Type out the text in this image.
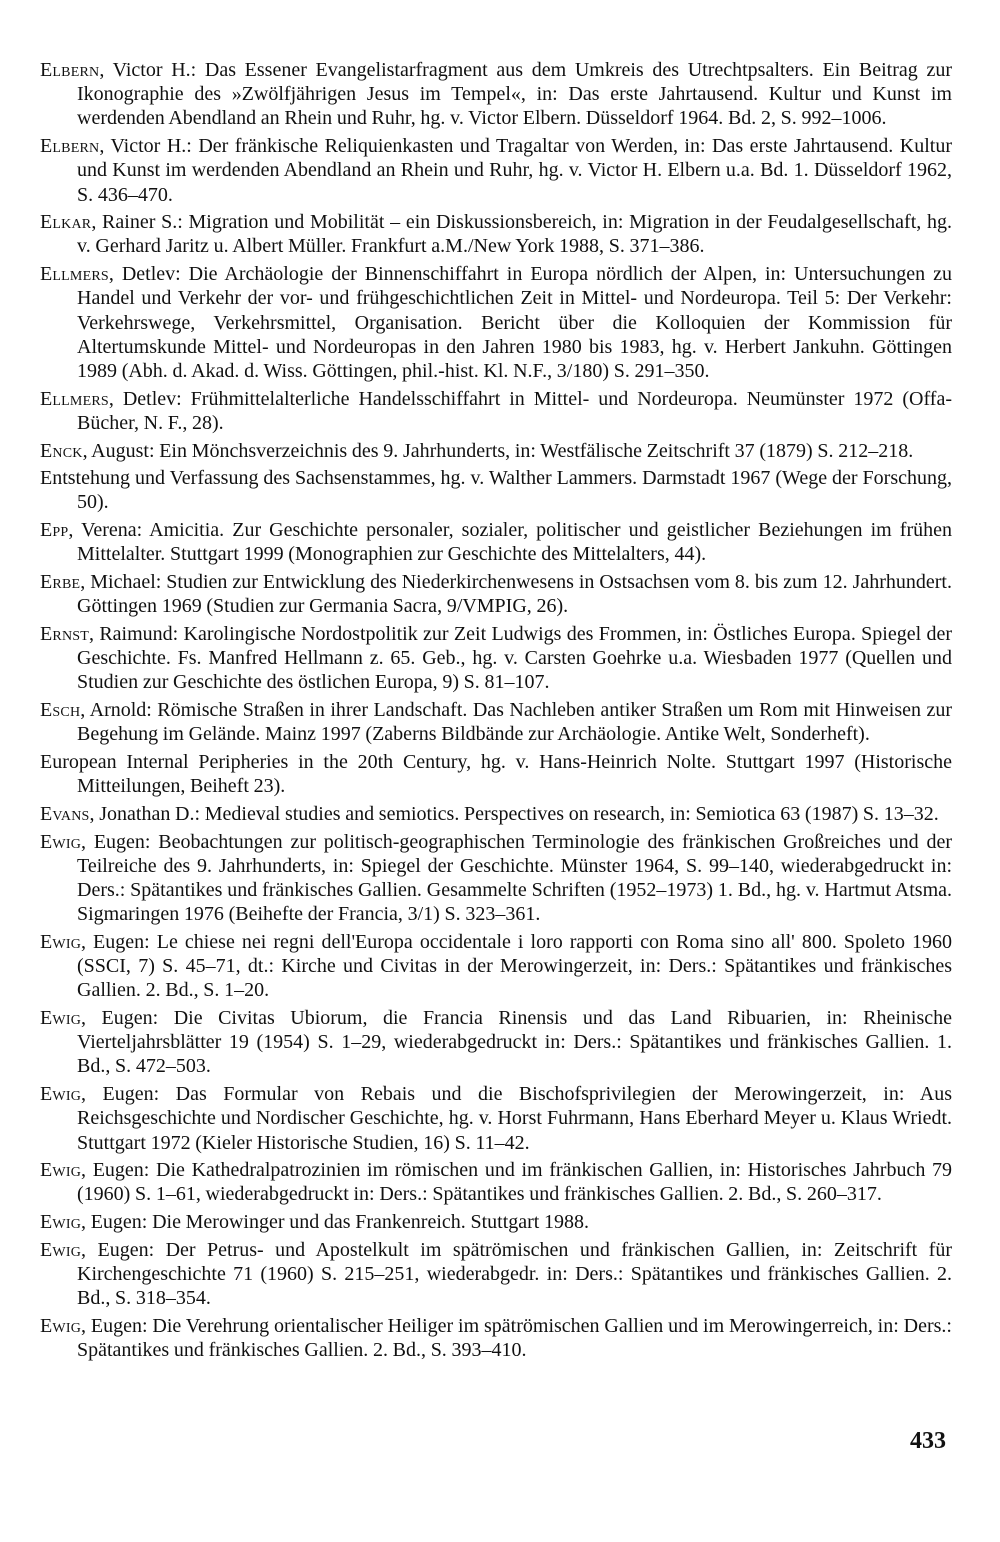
Elbern, Victor H.: Das Essener Evangelistarfragment aus dem Umkreis des Utrechtpsalters. Ein Beitrag zur Ikonographie des »Zwölfjährigen Jesus im Tempel«, in: Das erste Jahrtausend. Kultur und Kunst im werdenden Abendland an Rhein und Ruhr, hg. v. Victor Elbern. Düsseldorf 1964. Bd. 2, S. 992–1006.

Elbern, Victor H.: Der fränkische Reliquienkasten und Tragaltar von Werden, in: Das erste Jahrtausend. Kultur und Kunst im werdenden Abendland an Rhein und Ruhr, hg. v. Victor H. Elbern u.a. Bd. 1. Düsseldorf 1962, S. 436–470.

Elkar, Rainer S.: Migration und Mobilität – ein Diskussionsbereich, in: Migration in der Feudalgesellschaft, hg. v. Gerhard Jaritz u. Albert Müller. Frankfurt a.M./New York 1988, S. 371–386.

Ellmers, Detlev: Die Archäologie der Binnenschiffahrt in Europa nördlich der Alpen, in: Untersuchungen zu Handel und Verkehr der vor- und frühgeschichtlichen Zeit in Mittel- und Nordeuropa. Teil 5: Der Verkehr: Verkehrswege, Verkehrsmittel, Organisation. Bericht über die Kolloquien der Kommission für Altertumskunde Mittel- und Nordeuropas in den Jahren 1980 bis 1983, hg. v. Herbert Jankuhn. Göttingen 1989 (Abh. d. Akad. d. Wiss. Göttingen, phil.-hist. Kl. N.F., 3/180) S. 291–350.

Ellmers, Detlev: Frühmittelalterliche Handelsschiffahrt in Mittel- und Nordeuropa. Neumünster 1972 (Offa-Bücher, N. F., 28).

Enck, August: Ein Mönchsverzeichnis des 9. Jahrhunderts, in: Westfälische Zeitschrift 37 (1879) S. 212–218.

Entstehung und Verfassung des Sachsenstammes, hg. v. Walther Lammers. Darmstadt 1967 (Wege der Forschung, 50).

Epp, Verena: Amicitia. Zur Geschichte personaler, sozialer, politischer und geistlicher Beziehungen im frühen Mittelalter. Stuttgart 1999 (Monographien zur Geschichte des Mittelalters, 44).

Erbe, Michael: Studien zur Entwicklung des Niederkirchenwesens in Ostsachsen vom 8. bis zum 12. Jahrhundert. Göttingen 1969 (Studien zur Germania Sacra, 9/VMPIG, 26).

Ernst, Raimund: Karolingische Nordostpolitik zur Zeit Ludwigs des Frommen, in: Östliches Europa. Spiegel der Geschichte. Fs. Manfred Hellmann z. 65. Geb., hg. v. Carsten Goehrke u.a. Wiesbaden 1977 (Quellen und Studien zur Geschichte des östlichen Europa, 9) S. 81–107.

Esch, Arnold: Römische Straßen in ihrer Landschaft. Das Nachleben antiker Straßen um Rom mit Hinweisen zur Begehung im Gelände. Mainz 1997 (Zaberns Bildbände zur Archäologie. Antike Welt, Sonderheft).

European Internal Peripheries in the 20th Century, hg. v. Hans-Heinrich Nolte. Stuttgart 1997 (Historische Mitteilungen, Beiheft 23).

Evans, Jonathan D.: Medieval studies and semiotics. Perspectives on research, in: Semiotica 63 (1987) S. 13–32.

Ewig, Eugen: Beobachtungen zur politisch-geographischen Terminologie des fränkischen Großreiches und der Teilreiche des 9. Jahrhunderts, in: Spiegel der Geschichte. Münster 1964, S. 99–140, wiederabgedruckt in: Ders.: Spätantikes und fränkisches Gallien. Gesammelte Schriften (1952–1973) 1. Bd., hg. v. Hartmut Atsma. Sigmaringen 1976 (Beihefte der Francia, 3/1) S. 323–361.

Ewig, Eugen: Le chiese nei regni dell'Europa occidentale i loro rapporti con Roma sino all' 800. Spoleto 1960 (SSCI, 7) S. 45–71, dt.: Kirche und Civitas in der Merowingerzeit, in: Ders.: Spätantikes und fränkisches Gallien. 2. Bd., S. 1–20.

Ewig, Eugen: Die Civitas Ubiorum, die Francia Rinensis und das Land Ribuarien, in: Rheinische Vierteljahrsblätter 19 (1954) S. 1–29, wiederabgedruckt in: Ders.: Spätantikes und fränkisches Gallien. 1. Bd., S. 472–503.

Ewig, Eugen: Das Formular von Rebais und die Bischofsprivilegien der Merowingerzeit, in: Aus Reichsgeschichte und Nordischer Geschichte, hg. v. Horst Fuhrmann, Hans Eberhard Meyer u. Klaus Wriedt. Stuttgart 1972 (Kieler Historische Studien, 16) S. 11–42.

Ewig, Eugen: Die Kathedralpatrozinien im römischen und im fränkischen Gallien, in: Historisches Jahrbuch 79 (1960) S. 1–61, wiederabgedruckt in: Ders.: Spätantikes und fränkisches Gallien. 2. Bd., S. 260–317.

Ewig, Eugen: Die Merowinger und das Frankenreich. Stuttgart 1988.

Ewig, Eugen: Der Petrus- und Apostelkult im spätrömischen und fränkischen Gallien, in: Zeitschrift für Kirchengeschichte 71 (1960) S. 215–251, wiederabgedr. in: Ders.: Spätantikes und fränkisches Gallien. 2. Bd., S. 318–354.

Ewig, Eugen: Die Verehrung orientalischer Heiliger im spätrömischen Gallien und im Merowingerreich, in: Ders.: Spätantikes und fränkisches Gallien. 2. Bd., S. 393–410.

433
